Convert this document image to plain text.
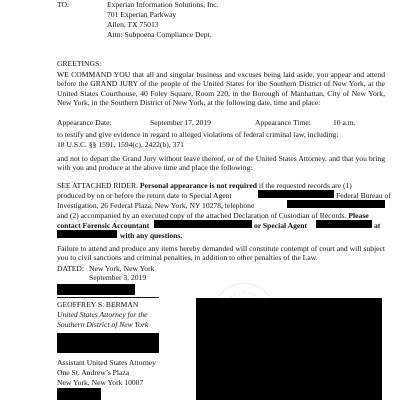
TO:	Experian Information Solutions, Inc.
701 Experian Parkway
Allen, TX 75013
Attn: Subpoena Compliance Dept.
GREETINGS:
WE COMMAND YOU that all and singular business and excuses being laid aside, you appear and attend before the GRAND JURY of the people of the United States for the Southern District of New York, at the United States Courthouse, 40 Foley Square, Room 220, in the Borough of Manhattan, City of New York, New York, in the Southern District of New York, at the following date, time and place:
Appearance Date:	September 17, 2019	Appearance Time:	10 a.m.
to testify and give evidence in regard to alleged violations of federal criminal law, including:
18 U.S.C. §§ 1591, 1594(c), 2422(b), 371
and not to depart the Grand Jury without leave thereof, or of the United States Attorney, and that you bring with you and produce at the above time and place the following:
SEE ATTACHED RIDER. Personal appearance is not required if the requested records are (1)
produced by on or before the return date to Special Agent	Federal Bureau of
Investigation, 26 Federal Plaza, New York, NY 10278, telephone
and (2) accompanied by an executed copy of the attached Declaration of Custodian of Records. Please
contact Forensic Accountant	or Special Agent	at
with any questions.
Failure to attend and produce any items hereby demanded will constitute contempt of court and will subject you to civil sanctions and criminal penalties, in addition to other penalties of the Law.
DATED: New York, New York
September 3, 2019
GEOFFREY S. BERMAN
United States Attorney for the
Southern District of New York
Assistant United States Attorney
One St. Andrew’s Plaza
New York, New York 10007
